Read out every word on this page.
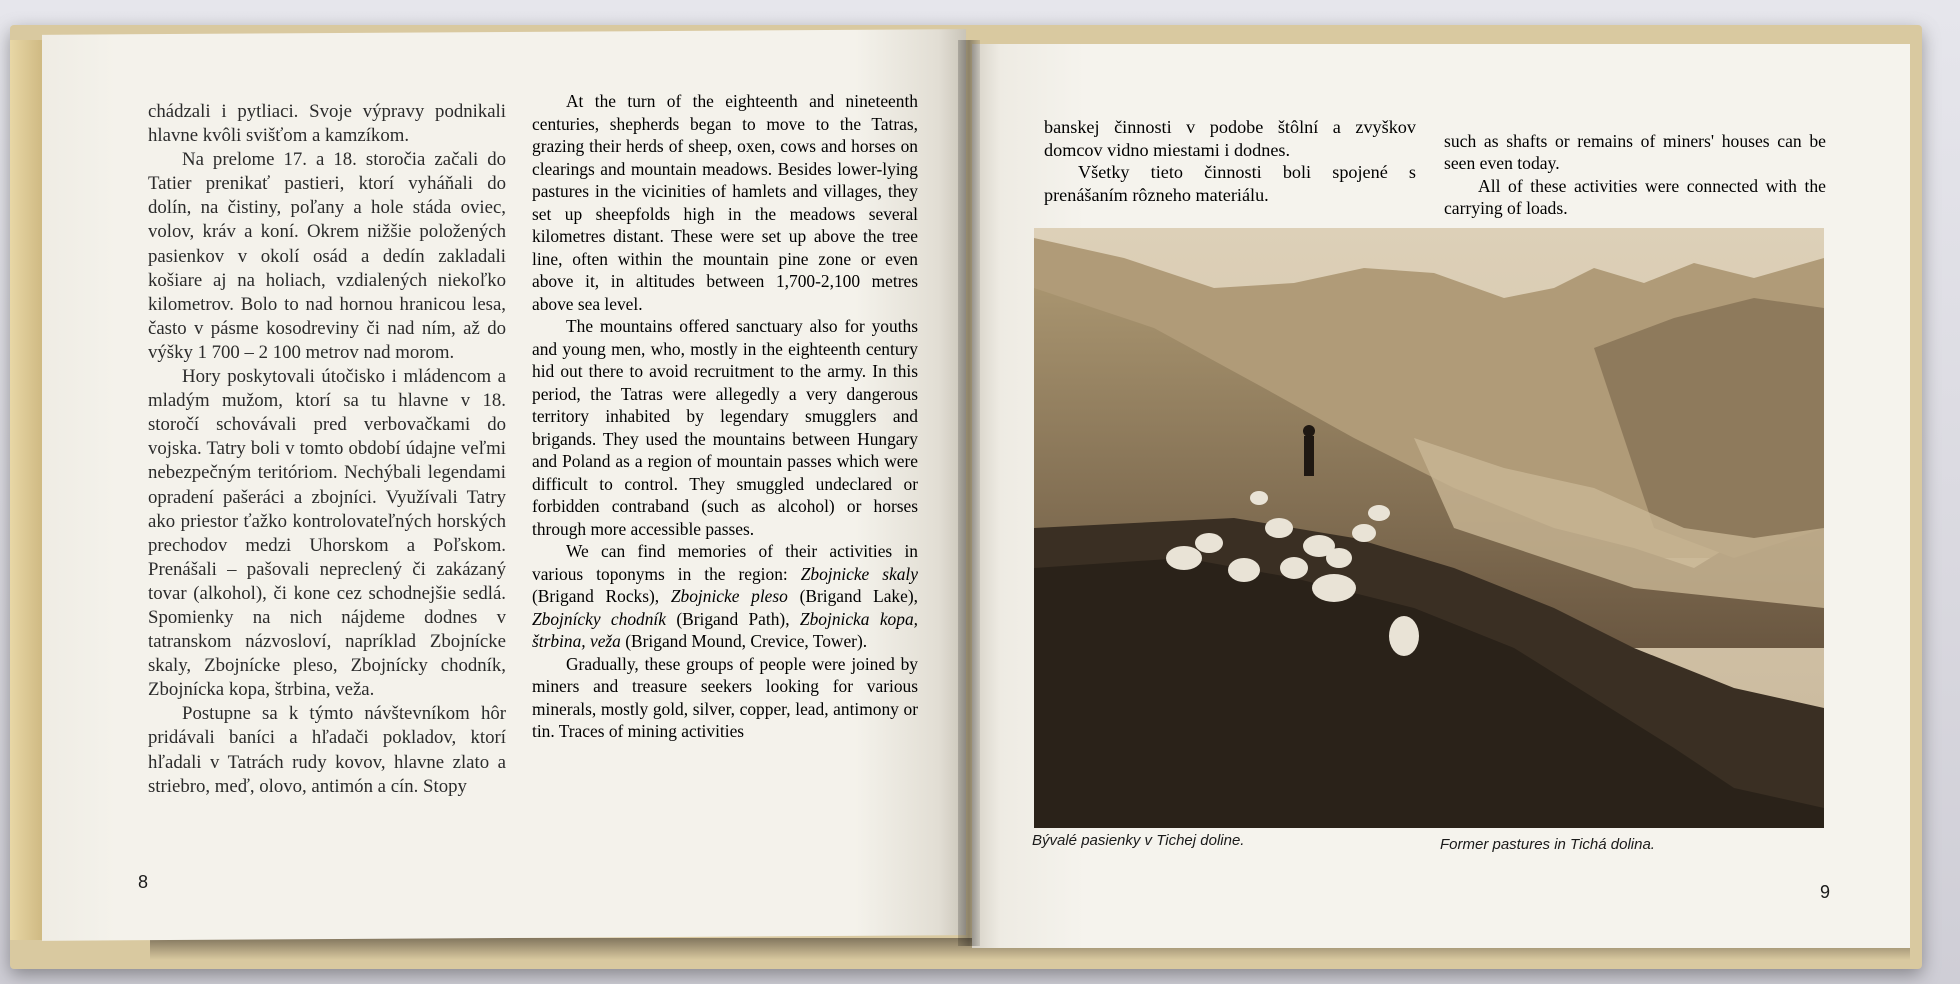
chádzali i pytliaci. Svoje výpravy podnikali hlavne kvôli svišťom a kamzíkom.

Na prelome 17. a 18. storočia začali do Tatier prenikať pastieri, ktorí vyháňali do dolín, na čistiny, poľany a hole stáda oviec, volov, kráv a koní. Okrem nižšie položených pasienkov v okolí osád a dedín zakladali košiare aj na holiach, vzdialených niekoľko kilometrov. Bolo to nad hornou hranicou lesa, často v pásme kosodreviny či nad ním, až do výšky 1 700 – 2 100 metrov nad morom.

Hory poskytovali útočisko i mládencom a mladým mužom, ktorí sa tu hlavne v 18. storočí schovávali pred verbovačkami do vojska. Tatry boli v tomto období údajne veľmi nebezpečným teritóriom. Nechýbali legendami opradení pašeráci a zbojníci. Využívali Tatry ako priestor ťažko kontrolovateľných horských prechodov medzi Uhorskom a Poľskom. Prenášali – pašovali nepreclený či zakázaný tovar (alkohol), či kone cez schodnejšie sedlá. Spomienky na nich nájdeme dodnes v tatranskom názvosloví, napríklad Zbojnícke skaly, Zbojnícke pleso, Zbojnícky chodník, Zbojnícka kopa, štrbina, veža.

Postupne sa k týmto návštevníkom hôr pridávali baníci a hľadači pokladov, ktorí hľadali v Tatrách rudy kovov, hlavne zlato a striebro, meď, olovo, antimón a cín. Stopy

At the turn of the eighteenth and nineteenth centuries, shepherds began to move to the Tatras, grazing their herds of sheep, oxen, cows and horses on clearings and mountain meadows. Besides lower-lying pastures in the vicinities of hamlets and villages, they set up sheepfolds high in the meadows several kilometres distant. These were set up above the tree line, often within the mountain pine zone or even above it, in altitudes between 1,700-2,100 metres above sea level.

The mountains offered sanctuary also for youths and young men, who, mostly in the eighteenth century hid out there to avoid recruitment to the army. In this period, the Tatras were allegedly a very dangerous territory inhabited by legendary smugglers and brigands. They used the mountains between Hungary and Poland as a region of mountain passes which were difficult to control. They smuggled undeclared or forbidden contraband (such as alcohol) or horses through more accessible passes.

We can find memories of their activities in various toponyms in the region: Zbojnicke skaly (Brigand Rocks), Zbojnicke pleso (Brigand Lake), Zbojnícky chodník (Brigand Path), Zbojnicka kopa, štrbina, veža (Brigand Mound, Crevice, Tower).

Gradually, these groups of people were joined by miners and treasure seekers looking for various minerals, mostly gold, silver, copper, lead, antimony or tin. Traces of mining activities

8

banskej činnosti v podobe štôlní a zvyškov domcov vidno miestami i dodnes.

Všetky tieto činnosti boli spojené s prenášaním rôzneho materiálu.

such as shafts or remains of miners' houses can be seen even today.

All of these activities were connected with the carrying of loads.

Bývalé pasienky v Tichej doline.	Former pastures in Tichá dolina.
9
